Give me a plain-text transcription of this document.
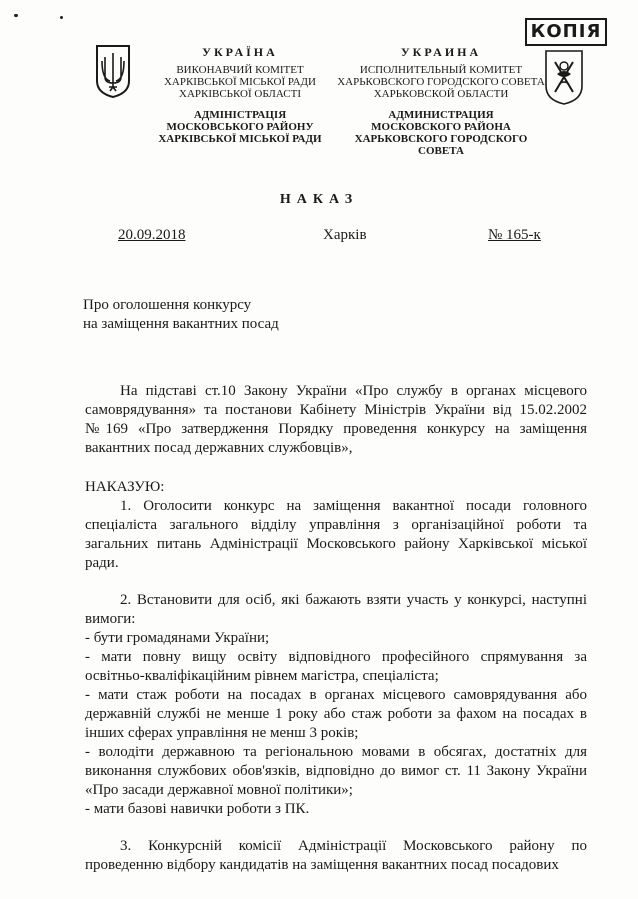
КОПІЯ
УКРАЇНА
ВИКОНАВЧИЙ КОМІТЕТ
ХАРКІВСЬКОЇ МІСЬКОЇ РАДИ
ХАРКІВСЬКОЇ ОБЛАСТІ
АДМІНІСТРАЦІЯ
МОСКОВСЬКОГО РАЙОНУ
ХАРКІВСЬКОЇ МІСЬКОЇ РАДИ
УКРАИНА
ИСПОЛНИТЕЛЬНЫЙ КОМИТЕТ
ХАРЬКОВСКОГО ГОРОДСКОГО СОВЕТА
ХАРЬКОВСКОЙ ОБЛАСТИ
АДМИНИСТРАЦИЯ
МОСКОВСКОГО РАЙОНА
ХАРЬКОВСКОГО ГОРОДСКОГО СОВЕТА
НАКАЗ
20.09.2018	Харків	№ 165-к
Про оголошення конкурсу
на заміщення вакантних посад

На підставі ст.10 Закону України «Про службу в органах місцевого самоврядування» та постанови Кабінету Міністрів України від 15.02.2002 №169 «Про затвердження Порядку проведення конкурсу на заміщення вакантних посад державних службовців»,

НАКАЗУЮ:

1. Оголосити конкурс на заміщення вакантної посади головного спеціаліста загального відділу управління з організаційної роботи та загальних питань Адміністрації Московського району Харківської міської ради.

2. Встановити для осіб, які бажають взяти участь у конкурсі, наступні вимоги:

- бути громадянами України;

- мати повну вищу освіту відповідного професійного спрямування за освітньо-кваліфікаційним рівнем магістра, спеціаліста;

- мати стаж роботи на посадах в органах місцевого самоврядування або державній службі не менше 1 року або стаж роботи за фахом на посадах в інших сферах управління не менш 3 років;

- володіти державною та регіональною мовами в обсягах, достатніх для виконання службових обов'язків, відповідно до вимог ст. 11 Закону України «Про засади державної мовної політики»;

- мати базові навички роботи з ПК.

3. Конкурсній комісії Адміністрації Московського району по проведенню відбору кандидатів на заміщення вакантних посад посадових
